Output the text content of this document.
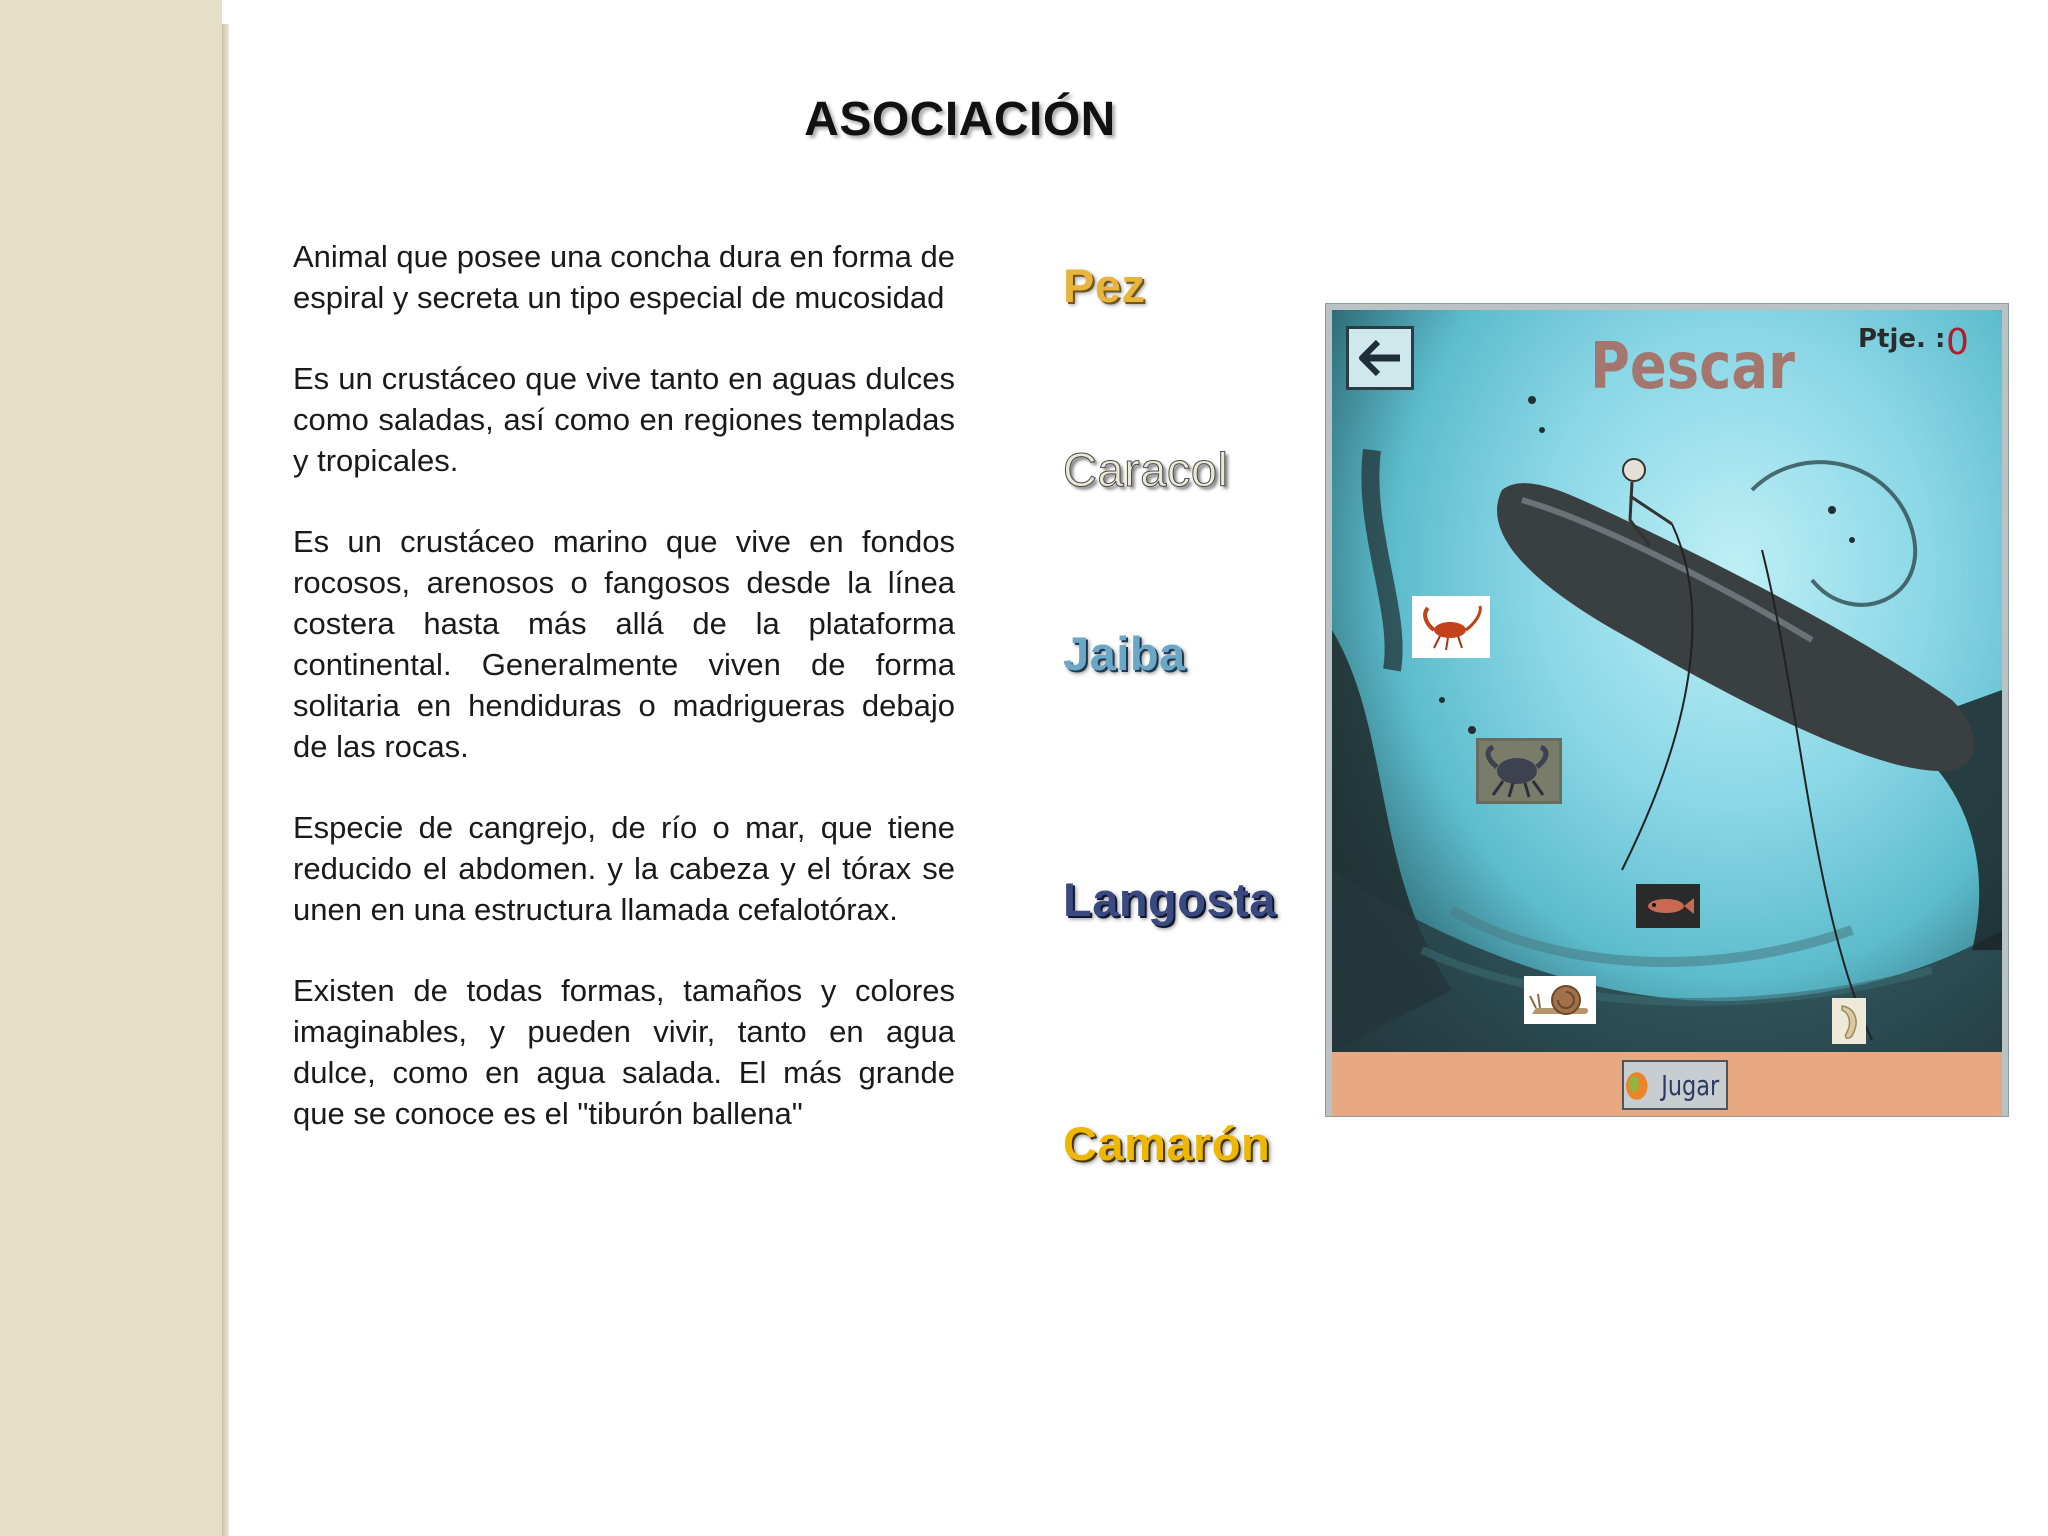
ASOCIACIÓN

Animal que posee una concha dura en forma de espiral y secreta un tipo especial de mucosidad

Es un crustáceo que vive tanto en aguas dulces como saladas, así como en regiones templadas y tropicales.

Es un crustáceo marino que vive en fondos rocosos, arenosos o fangosos desde la línea costera hasta más allá de la plataforma continental. Generalmente viven de forma solitaria en hendiduras o madrigueras debajo de las rocas.

Especie de cangrejo, de río o mar, que tiene reducido el abdomen. y la cabeza y el tórax se unen en una estructura llamada cefalotórax.

Existen de todas formas, tamaños y colores imaginables, y pueden vivir, tanto en agua dulce, como en agua salada. El más grande que se conoce es el "tiburón ballena"

Pez
Caracol
Jaiba
Langosta
Camarón
Pescar Ptje. : 0
Jugar
